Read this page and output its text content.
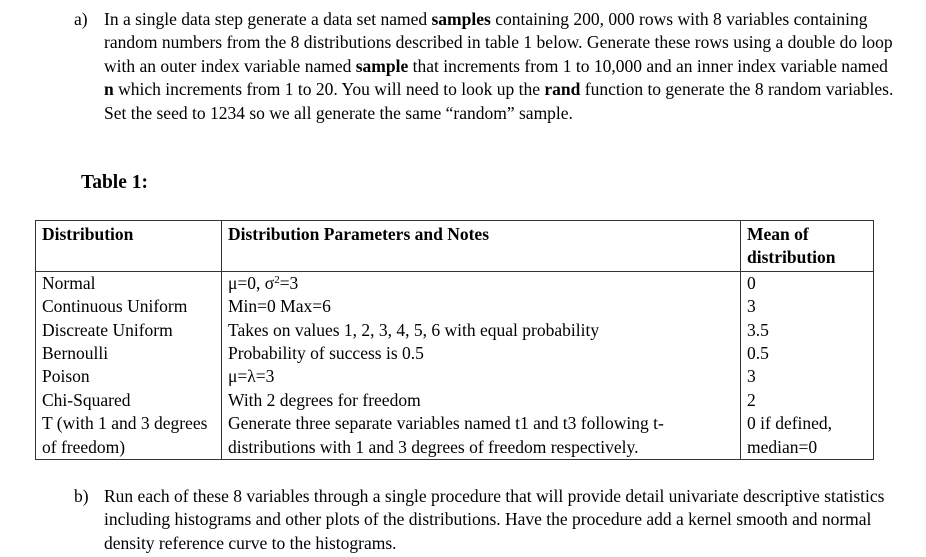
a) In a single data step generate a data set named samples containing 200, 000 rows with 8 variables containing random numbers from the 8 distributions described in table 1 below. Generate these rows using a double do loop with an outer index variable named sample that increments from 1 to 10,000 and an inner index variable named n which increments from 1 to 20. You will need to look up the rand function to generate the 8 random variables. Set the seed to 1234 so we all generate the same “random” sample.
Table 1:
Distribution	Distribution Parameters and Notes	Mean of distribution
Normal	μ=0, $\sigma^2=3$	0
Continuous Uniform	Min=0 Max=6	3
Discreate Uniform	Takes on values 1, 2, 3, 4, 5, 6 with equal probability	3.5
Bernoulli	Probability of success is 0.5	0.5
Poison	μ=λ=3	3
Chi-Squared	With 2 degrees for freedom	2
T (with 1 and 3 degrees of freedom)	Generate three separate variables named t1 and t3 following t-distributions with 1 and 3 degrees of freedom respectively.	0 if defined, median=0
b) Run each of these 8 variables through a single procedure that will provide detail univariate descriptive statistics including histograms and other plots of the distributions. Have the procedure add a kernel smooth and normal density reference curve to the histograms.
